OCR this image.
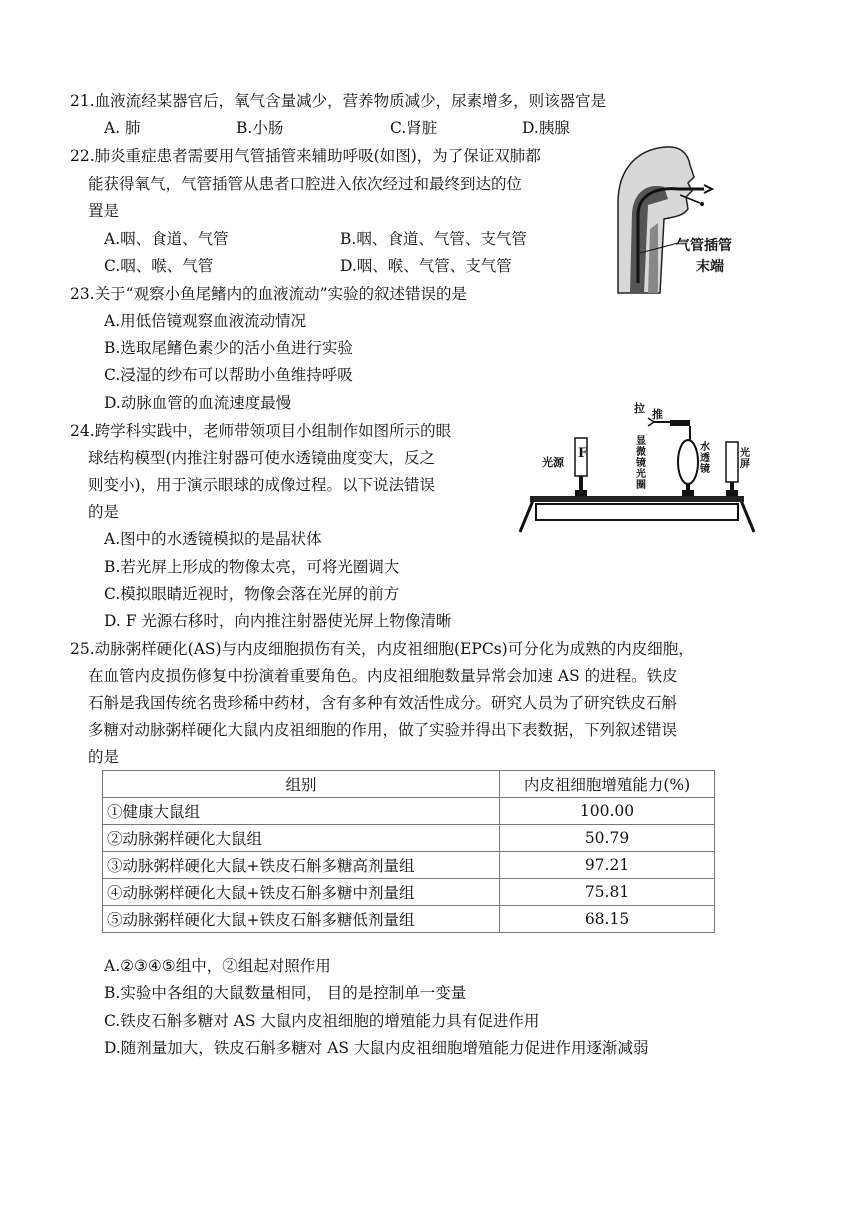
21.血液流经某器官后，氧气含量减少，营养物质减少，尿素增多，则该器官是
A. 肺	B.小肠	C.肾脏	D.胰腺
22.肺炎重症患者需要用气管插管来辅助呼吸(如图)，为了保证双肺都
能获得氧气，气管插管从患者口腔进入依次经过和最终到达的位
置是
A.咽、食道、气管	B.咽、食道、气管、支气管
C.咽、喉、气管	D.咽、喉、气管、支气管
气管插管
末端
23.关于“观察小鱼尾鳍内的血液流动”实验的叙述错误的是
A.用低倍镜观察血液流动情况
B.选取尾鳍色素少的活小鱼进行实验
C.浸湿的纱布可以帮助小鱼维持呼吸
D.动脉血管的血流速度最慢
24.跨学科实践中，老师带领项目小组制作如图所示的眼
球结构模型(内推注射器可使水透镜曲度变大，反之
则变小)，用于演示眼球的成像过程。以下说法错误
的是
A.图中的水透镜模拟的是晶状体
B.若光屏上形成的物像太亮，可将光圈调大
C.模拟眼睛近视时，物像会落在光屏的前方
D. F 光源右移时，向内推注射器使光屏上物像清晰
F
光源
拉 推
显微镜光圈
水透镜
光屏
25.动脉粥样硬化(AS)与内皮细胞损伤有关，内皮祖细胞(EPCs)可分化为成熟的内皮细胞，
在血管内皮损伤修复中扮演着重要角色。内皮祖细胞数量异常会加速 AS 的进程。铁皮
石斛是我国传统名贵珍稀中药材，含有多种有效活性成分。研究人员为了研究铁皮石斛
多糖对动脉粥样硬化大鼠内皮祖细胞的作用，做了实验并得出下表数据，下列叙述错误
的是
组别	内皮祖细胞增殖能力(%)
①健康大鼠组	100.00
②动脉粥样硬化大鼠组	50.79
③动脉粥样硬化大鼠+铁皮石斛多糖高剂量组	97.21
④动脉粥样硬化大鼠+铁皮石斛多糖中剂量组	75.81
⑤动脉粥样硬化大鼠+铁皮石斛多糖低剂量组	68.15
A.②③④⑤组中，②组起对照作用
B.实验中各组的大鼠数量相同， 目的是控制单一变量
C.铁皮石斛多糖对 AS 大鼠内皮祖细胞的增殖能力具有促进作用
D.随剂量加大，铁皮石斛多糖对 AS 大鼠内皮祖细胞增殖能力促进作用逐渐减弱
